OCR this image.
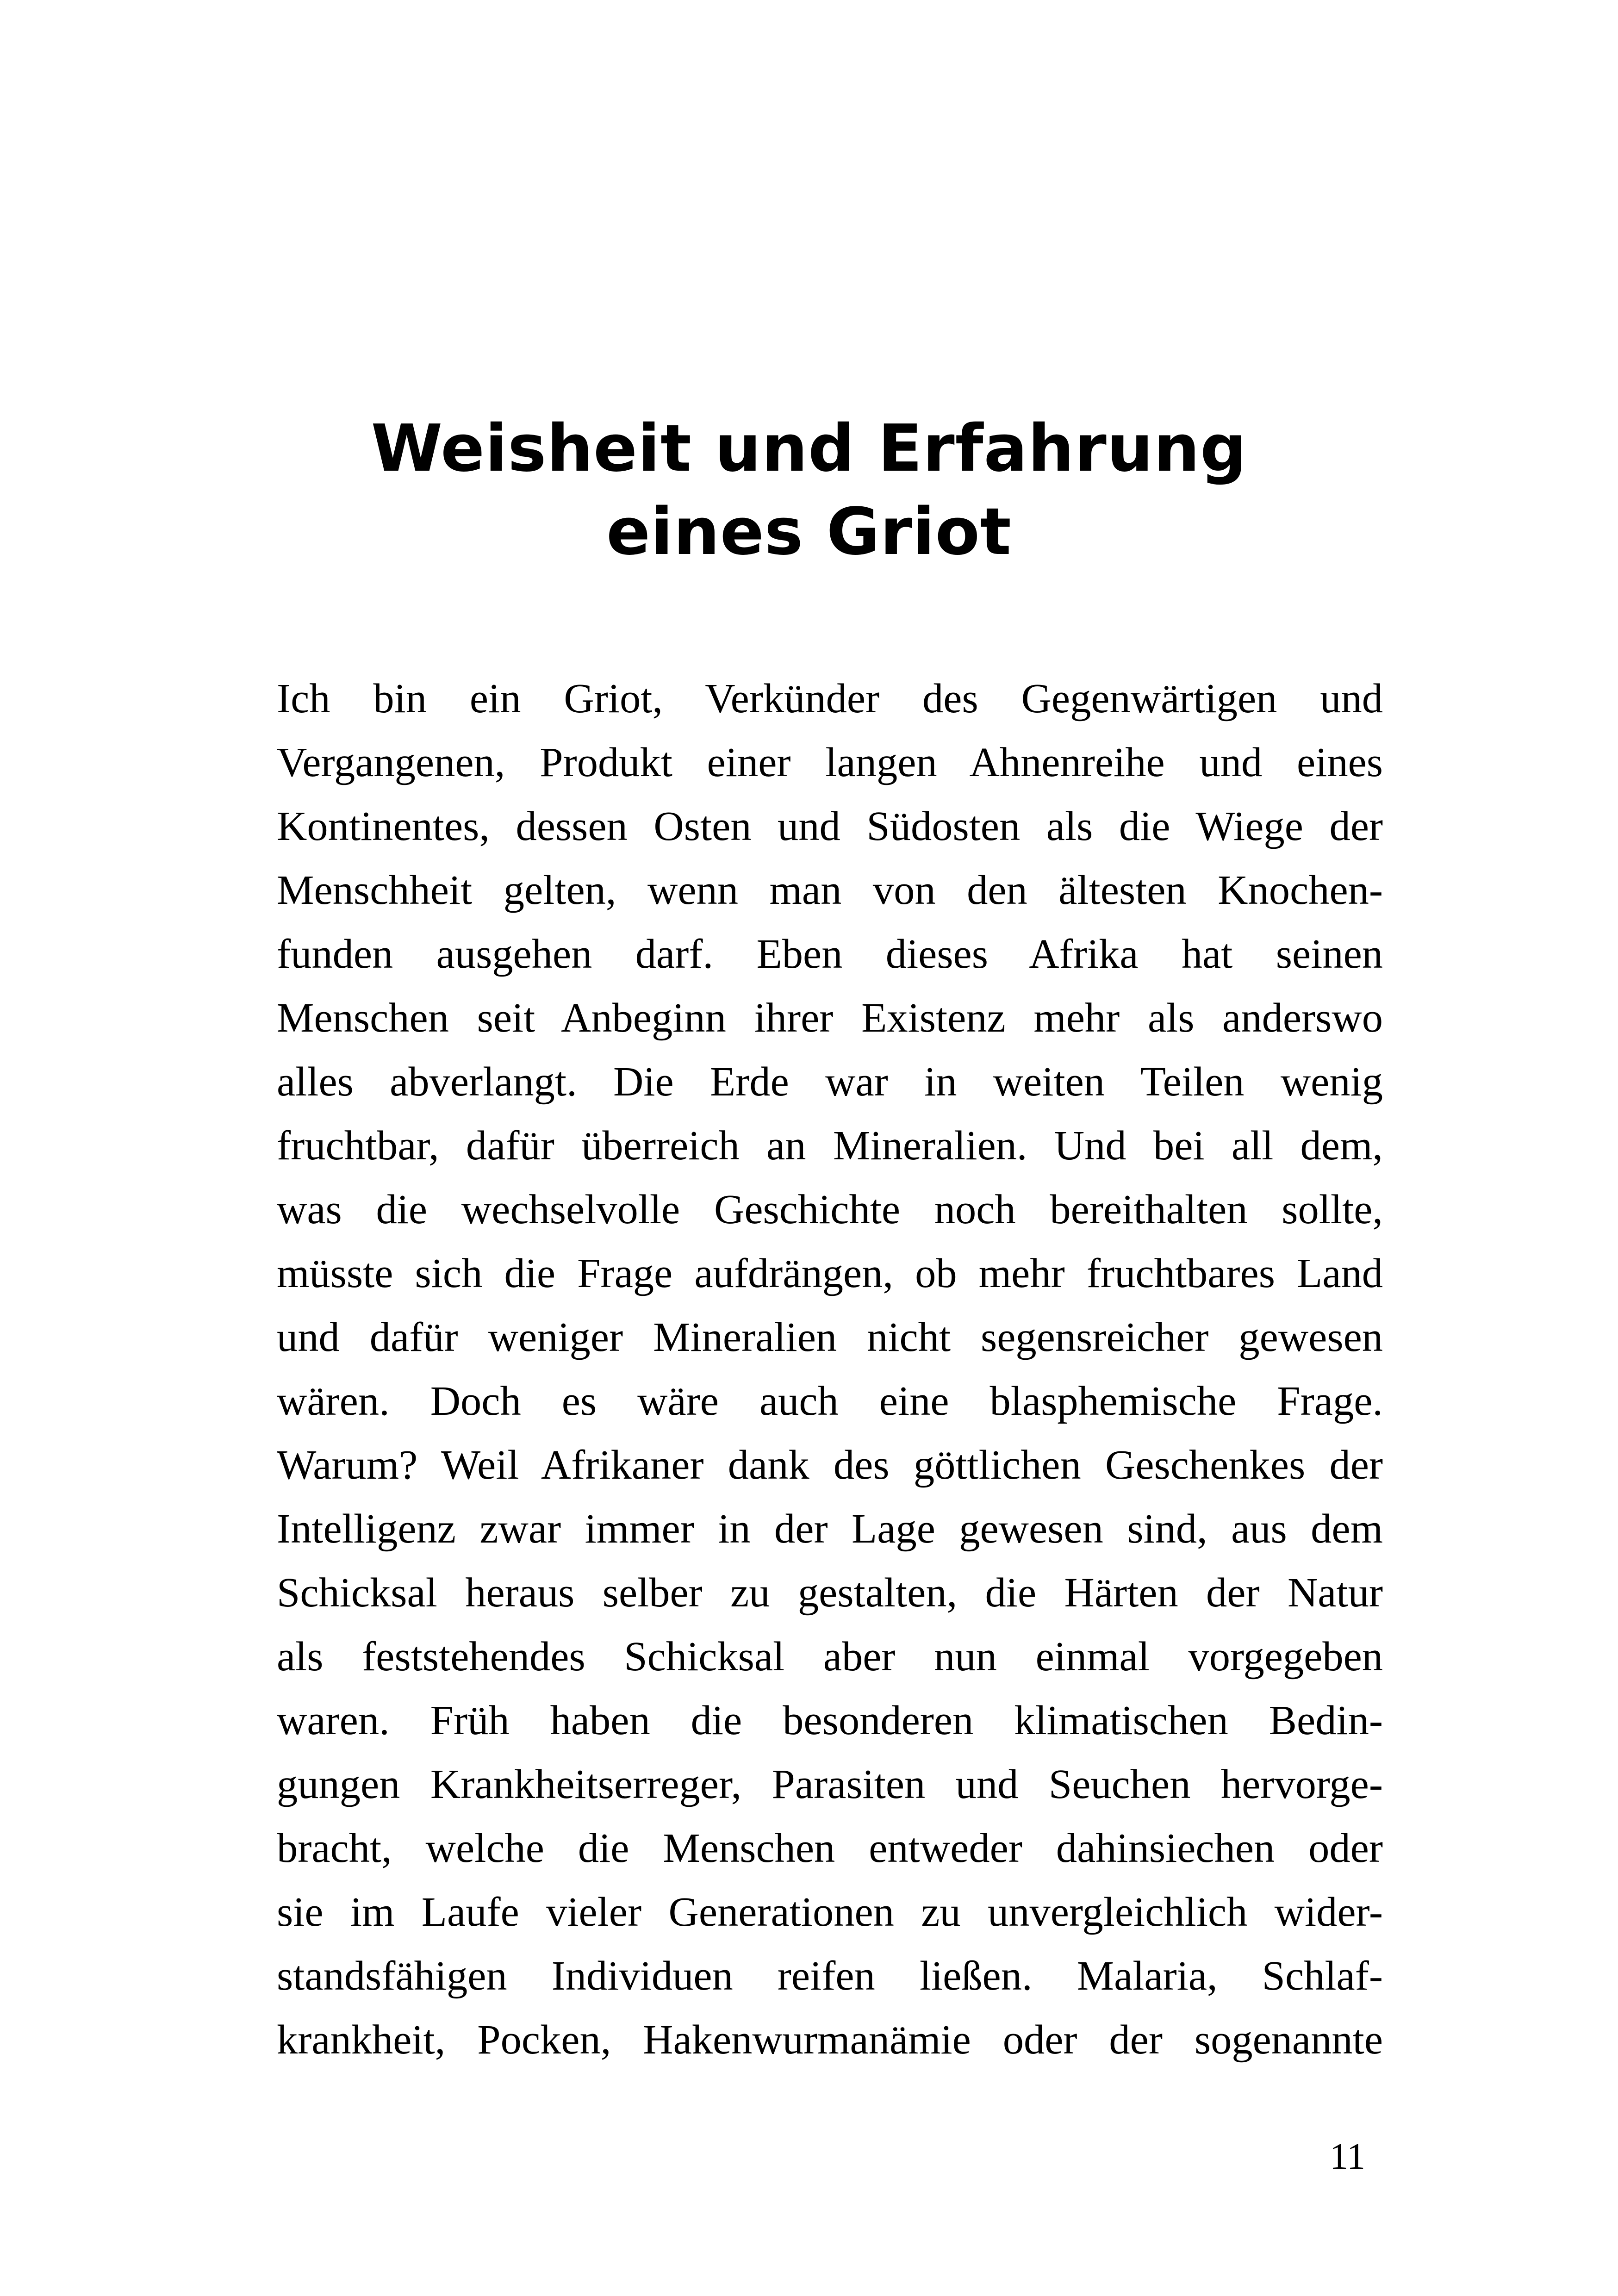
Weisheit und Erfahrung
eines Griot
Ich bin ein Griot, Verkünder des Gegenwärtigen und
Vergangenen, Produkt einer langen Ahnenreihe und eines
Kontinentes, dessen Osten und Südosten als die Wiege der
Menschheit gelten, wenn man von den ältesten Knochen-
funden ausgehen darf. Eben dieses Afrika hat seinen
Menschen seit Anbeginn ihrer Existenz mehr als anderswo
alles abverlangt. Die Erde war in weiten Teilen wenig
fruchtbar, dafür überreich an Mineralien. Und bei all dem,
was die wechselvolle Geschichte noch bereithalten sollte,
müsste sich die Frage aufdrängen, ob mehr fruchtbares Land
und dafür weniger Mineralien nicht segensreicher gewesen
wären. Doch es wäre auch eine blasphemische Frage.
Warum? Weil Afrikaner dank des göttlichen Geschenkes der
Intelligenz zwar immer in der Lage gewesen sind, aus dem
Schicksal heraus selber zu gestalten, die Härten der Natur
als feststehendes Schicksal aber nun einmal vorgegeben
waren. Früh haben die besonderen klimatischen Bedin-
gungen Krankheitserreger, Parasiten und Seuchen hervorge-
bracht, welche die Menschen entweder dahinsiechen oder
sie im Laufe vieler Generationen zu unvergleichlich wider-
standsfähigen Individuen reifen ließen. Malaria, Schlaf-
krankheit, Pocken, Hakenwurmanämie oder der sogenannte
11
